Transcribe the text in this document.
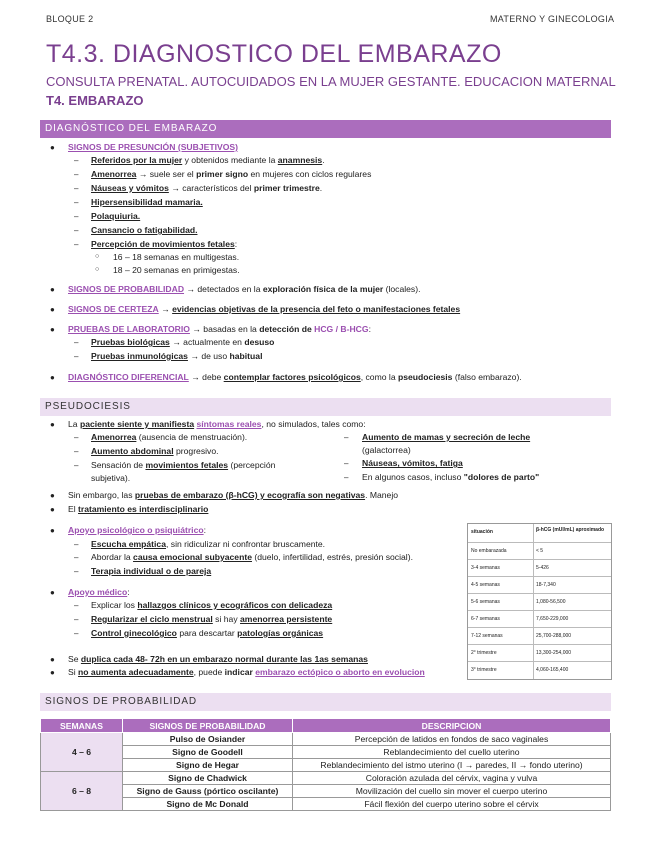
BLOQUE 2	MATERNO Y GINECOLOGIA
T4.3. DIAGNOSTICO DEL EMBARAZO
CONSULTA PRENATAL. AUTOCUIDADOS EN LA MUJER GESTANTE. EDUCACION MATERNAL
T4. EMBARAZO
DIAGNÓSTICO DEL EMBARAZO
● SIGNOS DE PRESUNCIÓN (SUBJETIVOS)
– Referidos por la mujer y obtenidos mediante la anamnesis.
– Amenorrea → suele ser el primer signo en mujeres con ciclos regulares
– Náuseas y vómitos → característicos del primer trimestre.
– Hipersensibilidad mamaria.
– Polaquiuria.
– Cansancio o fatigabilidad.
– Percepción de movimientos fetales:
○ 16 – 18 semanas en multigestas.
○ 18 – 20 semanas en primigestas.
● SIGNOS DE PROBABILIDAD → detectados en la exploración física de la mujer (locales).
● SIGNOS DE CERTEZA → evidencias objetivas de la presencia del feto o manifestaciones fetales
● PRUEBAS DE LABORATORIO → basadas en la detección de HCG / B-HCG:
– Pruebas biológicas → actualmente en desuso
– Pruebas inmunológicas → de uso habitual
● DIAGNÓSTICO DIFERENCIAL → debe contemplar factores psicológicos, como la pseudociesis (falso embarazo).
PSEUDOCIESIS
● La paciente siente y manifiesta síntomas reales, no simulados, tales como:
– Amenorrea (ausencia de menstruación).
– Aumento abdominal progresivo.
– Sensación de movimientos fetales (percepción
subjetiva).
– Aumento de mamas y secreción de leche
(galactorrea)
– Náuseas, vómitos, fatiga
– En algunos casos, incluso "dolores de parto"
● Sin embargo, las pruebas de embarazo (β-hCG) y ecografía son negativas. Manejo
● El tratamiento es interdisciplinario
● Apoyo psicológico o psiquiátrico:
– Escucha empática, sin ridiculizar ni confrontar bruscamente.
– Abordar la causa emocional subyacente (duelo, infertilidad, estrés, presión social).
– Terapia individual o de pareja
● Apoyo médico:
– Explicar los hallazgos clínicos y ecográficos con delicadeza
– Regularizar el ciclo menstrual si hay amenorrea persistente
– Control ginecológico para descartar patologías orgánicas
● Se duplica cada 48- 72h en un embarazo normal durante las 1as semanas
● Si no aumenta adecuadamente, puede indicar embarazo ectópico o aborto en evolucion
situación	β-hCG (mUI/mL) aproximado
No embarazada	< 5
3-4 semanas	5-426
4-5 semanas	18-7,340
5-6 semanas	1,080-56,500
6-7 semanas	7,650-229,000
7-12 semanas	25,700-288,000
2° trimestre	13,300-254,000
3° trimestre	4,060-165,400
SIGNOS DE PROBABILIDAD
SEMANAS	SIGNOS DE PROBABILIDAD	DESCRIPCION
4 – 6	Pulso de Osiander	Percepción de latidos en fondos de saco vaginales
	Signo de Goodell	Reblandecimiento del cuello uterino
	Signo de Hegar	Reblandecimiento del istmo uterino (I → paredes, II → fondo uterino)
6 – 8	Signo de Chadwick	Coloración azulada del cérvix, vagina y vulva
	Signo de Gauss (pórtico oscilante)	Movilización del cuello sin mover el cuerpo uterino
	Signo de Mc Donald	Fácil flexión del cuerpo uterino sobre el cérvix
